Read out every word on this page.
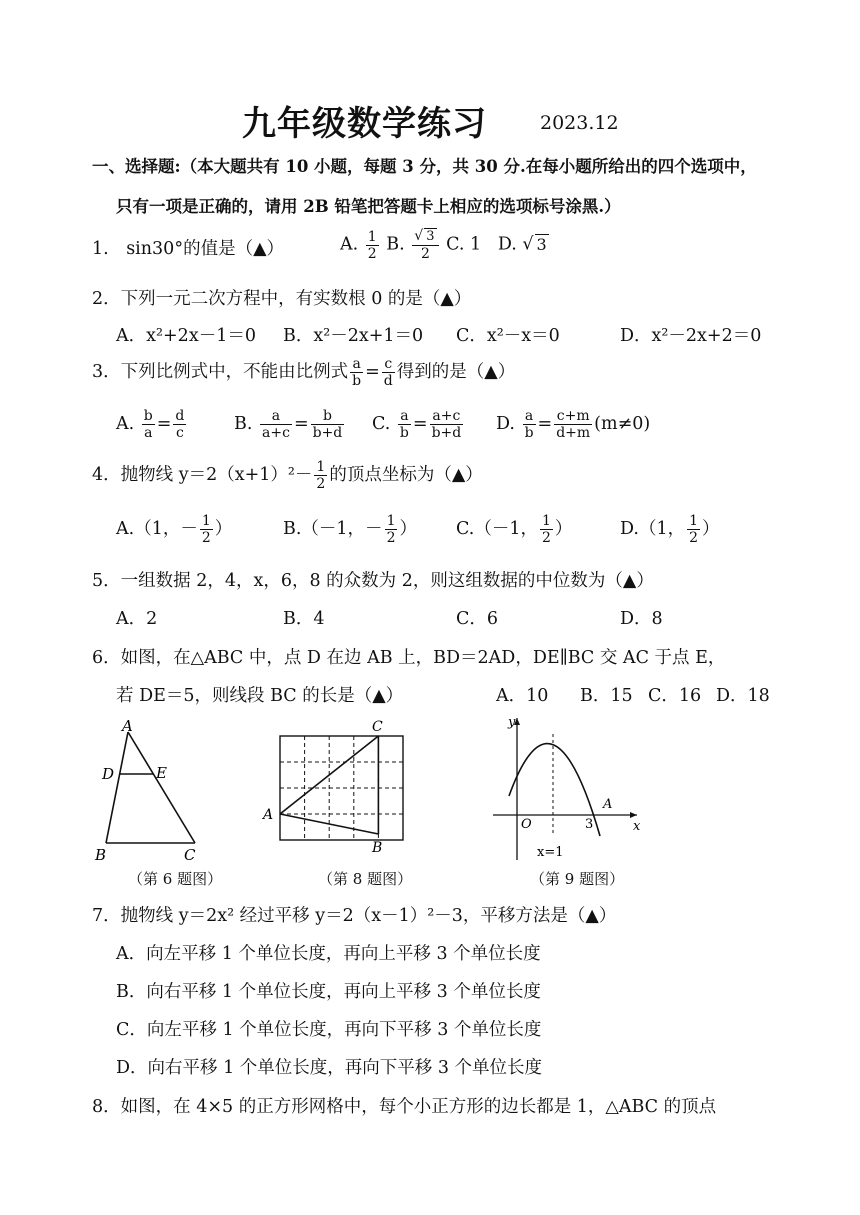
九年级数学练习	2023.12
一、选择题:（本大题共有 10 小题，每题 3 分，共 30 分.在每小题所给出的四个选项中，
只有一项是正确的，请用 2B 铅笔把答题卡上相应的选项标号涂黑.）
1.　sin30°的值是（▲）	A. $\frac{1}{2} B$. $\frac{√ 3}{2} C$. 1 D. √ 3
2．下列一元二次方程中，有实数根 0 的是（▲）
A．x²+2x－1＝0 B．x²－2x+1＝0 C．x²－x＝0	D．x²－2x+2＝0
3．下列比例式中，不能由比例式 $\frac{a}{b} = \frac{c}{d}$ 得到的是（▲）
A. $\frac{b}{a} = \frac{d}{c}$	B. $\frac{a}{a+c} = \frac{b}{b+d} C$. $\frac{a}{b} = \frac{a+c}{b+d} D$. $\frac{a}{b} = \frac{c+m}{d+m} (m\ne 0)$
4．抛物线 $y=2(x+1)^2- \frac{1}{2}$ 的顶点坐标为（▲）
A.（1，－ $\frac{1}{2}$ ）	B.（－1，－ $\frac{1}{2}$ ） C.（－1， $\frac{1}{2}$ ）	D.（1， $\frac{1}{2}$ ）
5．一组数据 2，4，x，6，8 的众数为 2，则这组数据的中位数为（▲）
A．2	B．4	C．6	D．8
6．如图，在△ABC 中，点 D 在边 AB 上，BD＝2AD，DE∥BC 交 AC 于点 E，
若 DE＝5，则线段 BC 的长是（▲）	A．10 B．15 C．16 D．18
A
D	E
B	C
（第 6 题图）
A
B
C
（第 8 题图）
y
O	3
A
x
x=1
（第 9 题图）
7．抛物线 y＝2x² 经过平移 y＝2（x－1）²－3，平移方法是（▲）
A．向左平移 1 个单位长度，再向上平移 3 个单位长度
B．向右平移 1 个单位长度，再向上平移 3 个单位长度
C．向左平移 1 个单位长度，再向下平移 3 个单位长度
D．向右平移 1 个单位长度，再向下平移 3 个单位长度
8．如图，在 4×5 的正方形网格中，每个小正方形的边长都是 1，△ABC 的顶点
